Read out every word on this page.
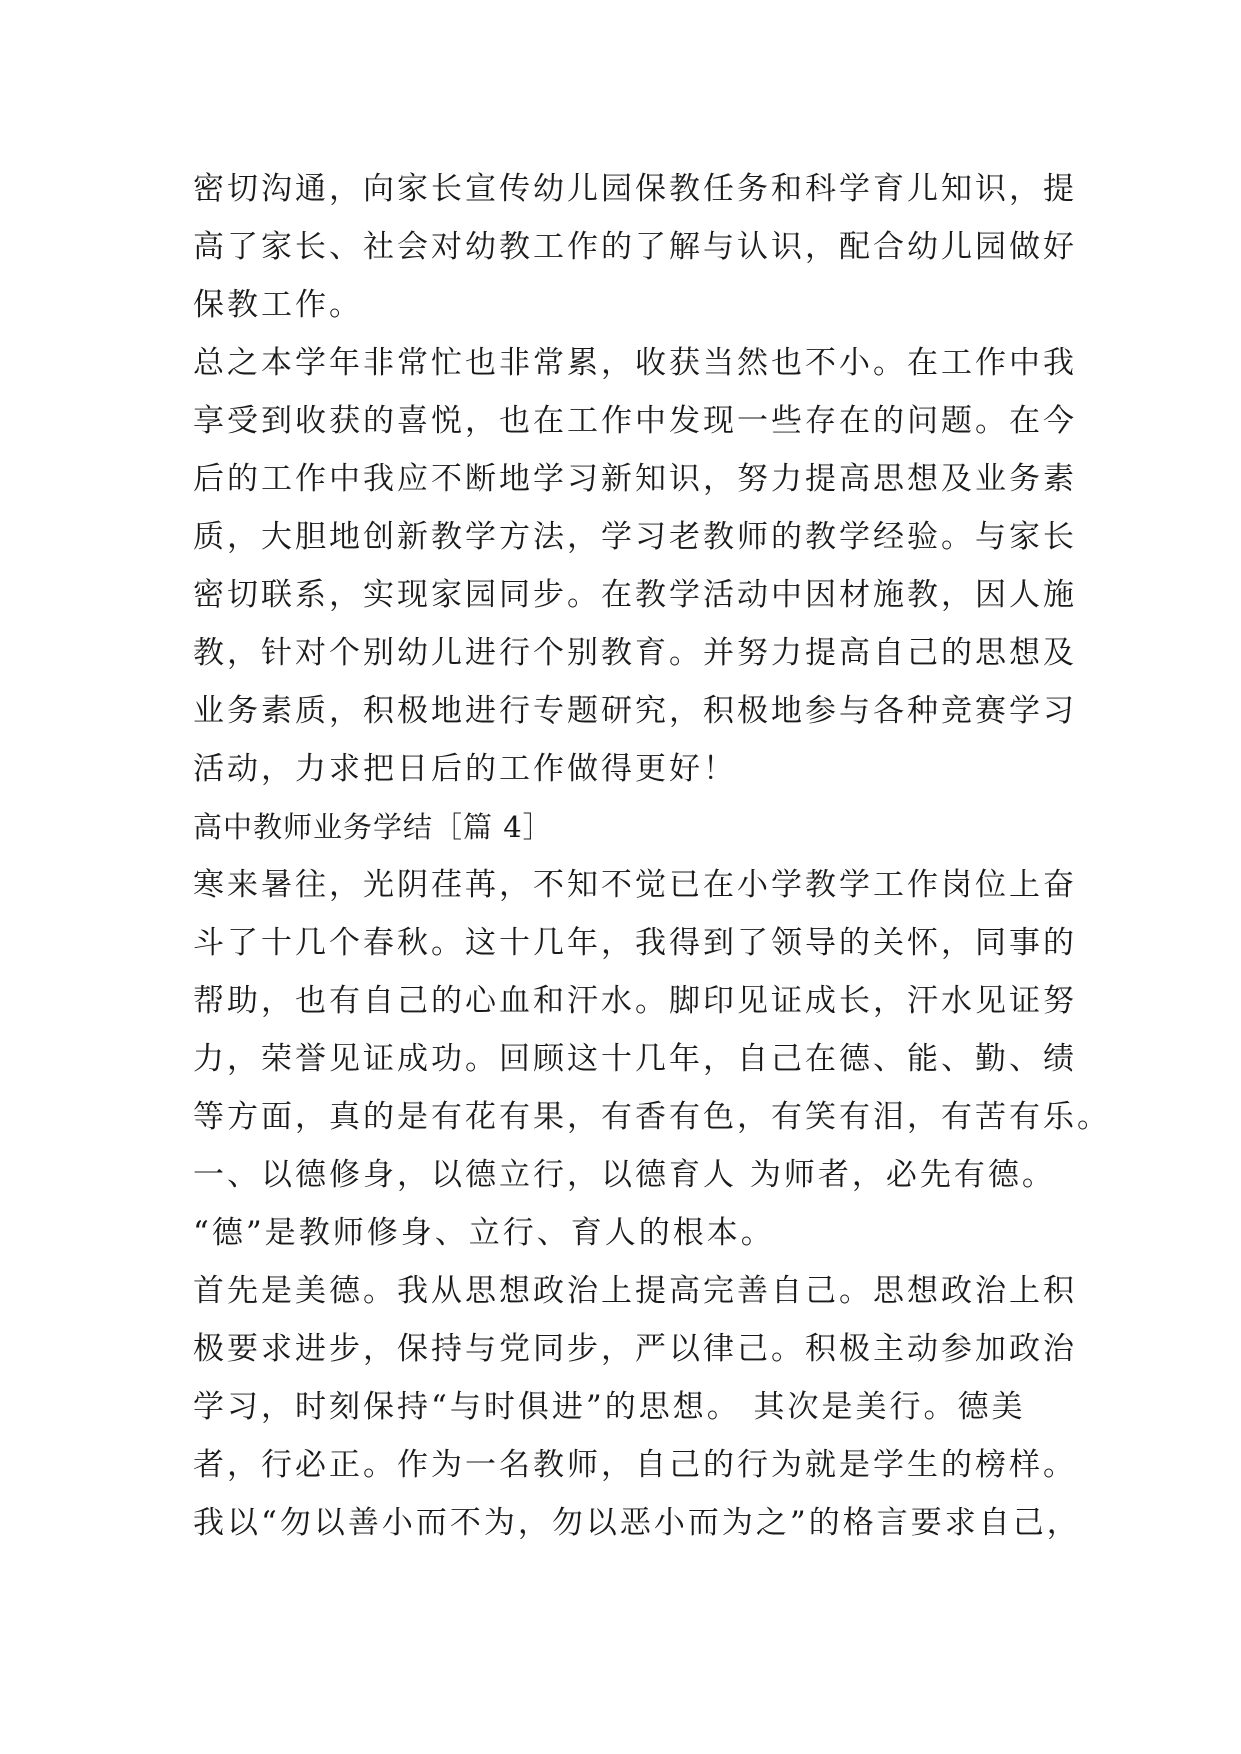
密切沟通，向家长宣传幼儿园保教任务和科学育儿知识，提
高了家长、社会对幼教工作的了解与认识，配合幼儿园做好
保教工作。
总之本学年非常忙也非常累，收获当然也不小。在工作中我
享受到收获的喜悦，也在工作中发现一些存在的问题。在今
后的工作中我应不断地学习新知识，努力提高思想及业务素
质，大胆地创新教学方法，学习老教师的教学经验。与家长
密切联系，实现家园同步。在教学活动中因材施教，因人施
教，针对个别幼儿进行个别教育。并努力提高自己的思想及
业务素质，积极地进行专题研究，积极地参与各种竞赛学习
活动，力求把日后的工作做得更好！
高中教师业务学结［篇 4］
寒来暑往，光阴荏苒，不知不觉已在小学教学工作岗位上奋
斗了十几个春秋。这十几年，我得到了领导的关怀，同事的
帮助，也有自己的心血和汗水。脚印见证成长，汗水见证努
力，荣誉见证成功。回顾这十几年，自己在德、能、勤、绩
等方面，真的是有花有果，有香有色，有笑有泪，有苦有乐。
一、以德修身，以德立行，以德育人 为师者，必先有德。
“德”是教师修身、立行、育人的根本。
首先是美德。我从思想政治上提高完善自己。思想政治上积
极要求进步，保持与党同步，严以律己。积极主动参加政治
学习，时刻保持“与时俱进”的思想。 其次是美行。德美
者，行必正。作为一名教师，自己的行为就是学生的榜样。
我以“勿以善小而不为，勿以恶小而为之”的格言要求自己，
